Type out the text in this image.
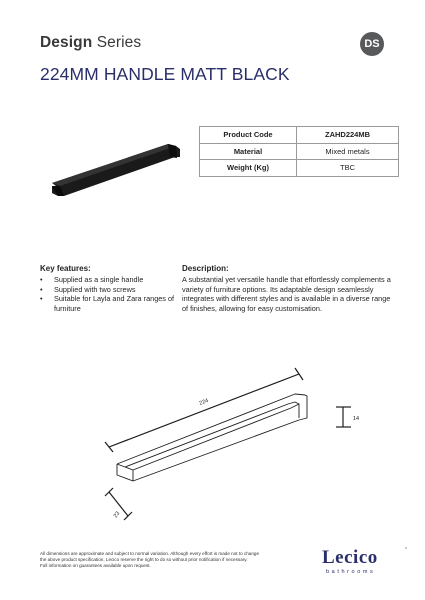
Design Series	DS
224MM HANDLE MATT BLACK
Product Code	ZAHD224MB
Material	Mixed metals
Weight (Kg)	TBC
Key features:
• Supplied as a single handle
• Supplied with two screws
• Suitable for Layla and Zara ranges of furniture
Description:

A substantial yet versatile handle that effortlessly complements a variety of furniture options. Its adaptable design seamlessly integrates with different styles and is available in a diverse range of finishes, allowing for easy customisation.

224
14
23
All dimensions are approximate and subject to normal variation. Although every effort is made not to change
the above product specification, Lecico reserve the right to do so without prior notification if necessary.
Full information on guarantees available upon request.	Lecico
bathrooms
